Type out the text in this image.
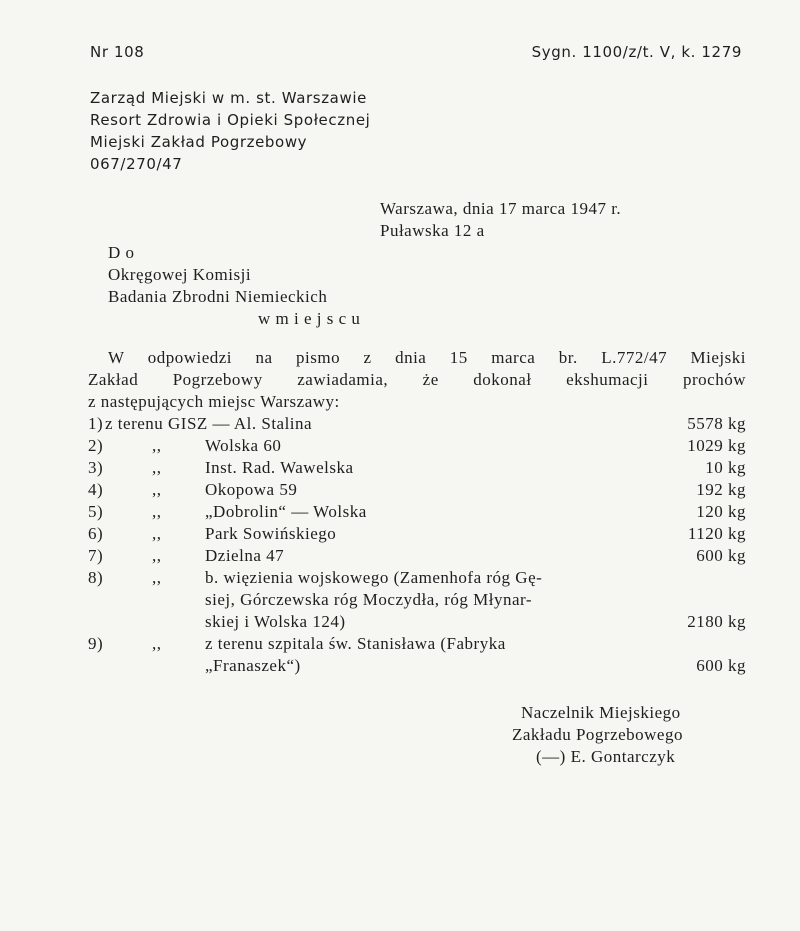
Nr 108	Sygn. 1100/z/t. V, k. 1279
Zarząd Miejski w m. st. Warszawie
Resort Zdrowia i Opieki Społecznej
Miejski Zakład Pogrzebowy
067/270/47
Warszawa, dnia 17 marca 1947 r.
Puławska 12 a
D o
Okręgowej Komisji
Badania Zbrodni Niemieckich
w m i e j s c u
W odpowiedzi na pismo z dnia 15 marca br. L.772/47 Miejski
Zakład Pogrzebowy zawiadamia, że dokonał ekshumacji prochów
z następujących miejsc Warszawy:
1) z terenu GISZ — Al. Stalina	5578 kg
2)	,,	Wolska 60	1029 kg
3)	,,	Inst. Rad. Wawelska	10 kg
4)	,,	Okopowa 59	192 kg
5)	,,	„Dobrolin“ — Wolska	120 kg
6)	,,	Park Sowińskiego	1120 kg
7)	,,	Dzielna 47	600 kg
8)	,,	b. więzienia wojskowego (Zamenhofa róg Gę-
siej, Górczewska róg Moczydła, róg Młynar-
skiej i Wolska 124)	2180 kg
9)	,,	z terenu szpitala św. Stanisława (Fabryka
„Franaszek“)	600 kg
Naczelnik Miejskiego
Zakładu Pogrzebowego
(—) E. Gontarczyk
